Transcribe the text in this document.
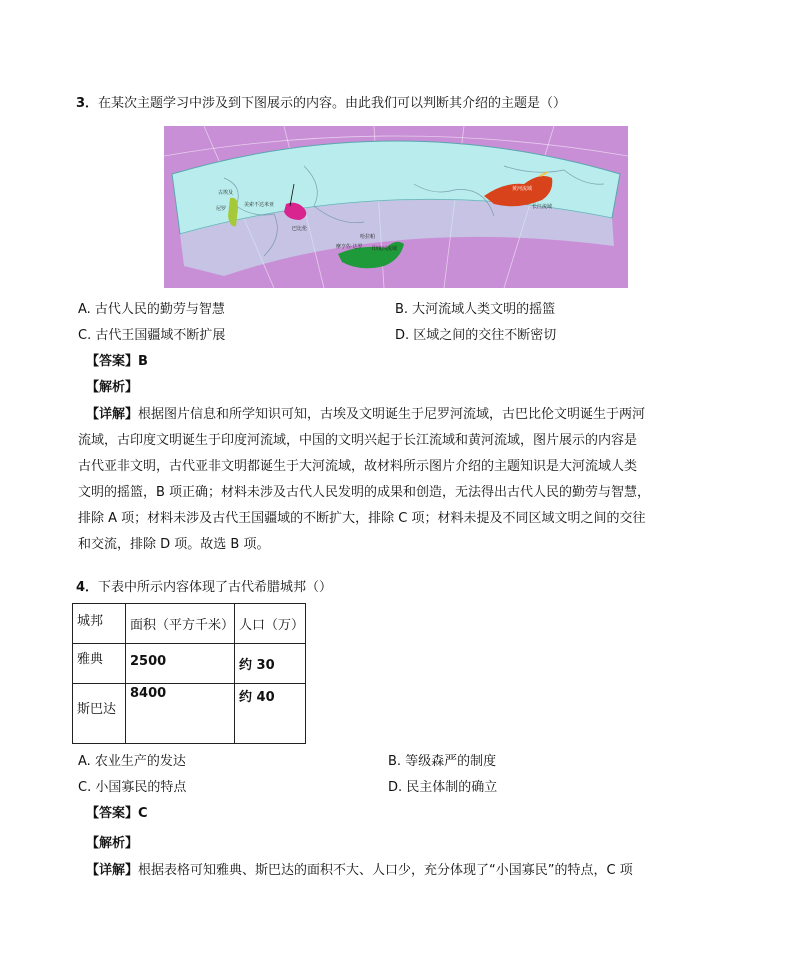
3．在某次主题学习中涉及到下图展示的内容。由此我们可以判断其介绍的主题是（）
古埃及
尼罗
美索不达米亚
巴比伦
哈拉帕
摩亨佐·达罗 印度河流域
黄河流域
长江流域
A. 古代人民的勤劳与智慧	B. 大河流域人类文明的摇篮
C. 古代王国疆域不断扩展	D. 区域之间的交往不断密切
【答案】B
【解析】
【详解】根据图片信息和所学知识可知，古埃及文明诞生于尼罗河流域，古巴比伦文明诞生于两河
流域，古印度文明诞生于印度河流域，中国的文明兴起于长江流域和黄河流域，图片展示的内容是
古代亚非文明，古代亚非文明都诞生于大河流域，故材料所示图片介绍的主题知识是大河流域人类
文明的摇篮，B 项正确；材料未涉及古代人民发明的成果和创造，无法得出古代人民的勤劳与智慧，
排除 A 项；材料未涉及古代王国疆域的不断扩大，排除 C 项；材料未提及不同区域文明之间的交往
和交流，排除 D 项。故选 B 项。
4．下表中所示内容体现了古代希腊城邦（）
城邦	面积（平方千米）	人口（万）
雅典	2500	约 30
斯巴达	8400	约 40
A. 农业生产的发达	B. 等级森严的制度
C. 小国寡民的特点	D. 民主体制的确立
【答案】C
【解析】
【详解】根据表格可知雅典、斯巴达的面积不大、人口少，充分体现了“小国寡民”的特点，C 项
